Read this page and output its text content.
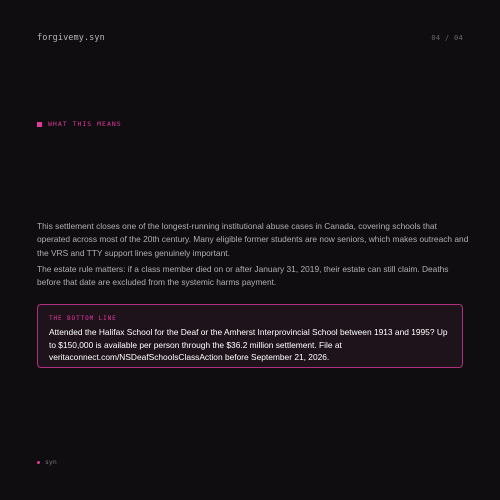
forgivemy.syn	04 / 04
WHAT THIS MEANS

This settlement closes one of the longest-running institutional abuse cases in Canada, covering schools that operated across most of the 20th century. Many eligible former students are now seniors, which makes outreach and the VRS and TTY support lines genuinely important.

The estate rule matters: if a class member died on or after January 31, 2019, their estate can still claim. Deaths before that date are excluded from the systemic harms payment.

THE BOTTOM LINE
Attended the Halifax School for the Deaf or the Amherst Interprovincial School between 1913 and 1995? Up to $150,000 is available per person through the $36.2 million settlement. File at veritaconnect.com/NSDeafSchoolsClassAction before September 21, 2026.
syn
